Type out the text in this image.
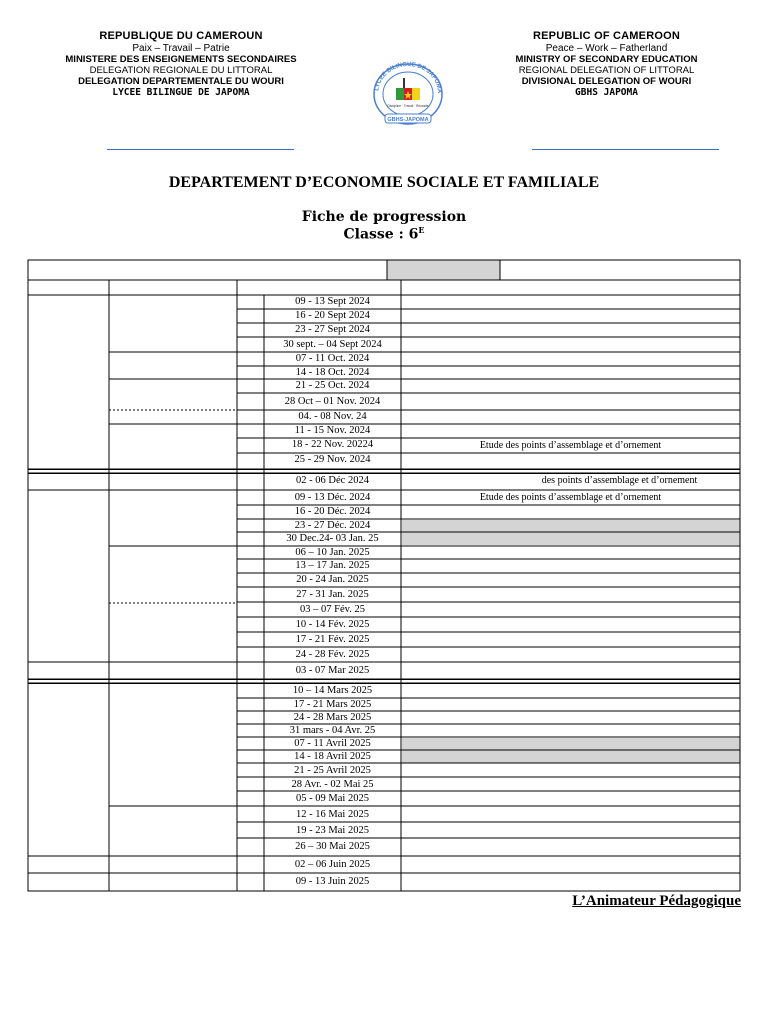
REPUBLIQUE DU CAMEROUN
Paix – Travail – Patrie
MINISTERE DES ENSEIGNEMENTS SECONDAIRES
DELEGATION REGIONALE DU LITTORAL
DELEGATION DEPARTEMENTALE DU WOURI
LYCEE BILINGUE DE JAPOMA
REPUBLIC OF CAMEROON
Peace – Work – Fatherland
MINISTRY OF SECONDARY EDUCATION
REGIONAL DELEGATION OF LITTORAL
DIVISIONAL DELEGATION OF WOURI
GBHS JAPOMA
LYCEE BILINGUE DE JAPOMA
Discipline · Travail · Réussite
GBHS-JAPOMA
DEPARTEMENT D’ECONOMIE SOCIALE ET FAMILIALE
Fiche de progression
Classe : $6^E$
09 - 13 Sept 2024
16 - 20 Sept 2024
23 - 27 Sept 2024
30 sept. – 04 Sept 2024
07 - 11 Oct. 2024
14 - 18 Oct. 2024
21 - 25 Oct. 2024
28 Oct – 01 Nov. 2024
04. - 08 Nov. 24
11 - 15 Nov. 2024
18 - 22 Nov. 20224
25 - 29 Nov. 2024
02 - 06 Déc 2024
09 - 13 Déc. 2024
16 - 20 Déc. 2024
23 - 27 Déc. 2024
30 Dec.24- 03 Jan. 25
06 – 10 Jan. 2025
13 – 17 Jan. 2025
20 - 24 Jan. 2025
27 - 31 Jan. 2025
03 – 07 Fév. 25
10 - 14 Fév. 2025
17 - 21 Fév. 2025
24 - 28 Fév. 2025
03 - 07 Mar 2025
10 – 14 Mars 2025
17 - 21 Mars 2025
24 - 28 Mars 2025
31 mars - 04 Avr. 25
07 - 11 Avril 2025
14 - 18 Avril 2025
21 - 25 Avril 2025
28 Avr. - 02 Mai 25
05 - 09 Mai 2025
12 - 16 Mai 2025
19 - 23 Mai 2025
26 – 30 Mai 2025
02 – 06 Juin 2025
09 - 13 Juin 2025
Etude des points d’assemblage et d’ornement
des points d’assemblage et d’ornement
Etude des points d’assemblage et d’ornement
L’Animateur Pédagogique
